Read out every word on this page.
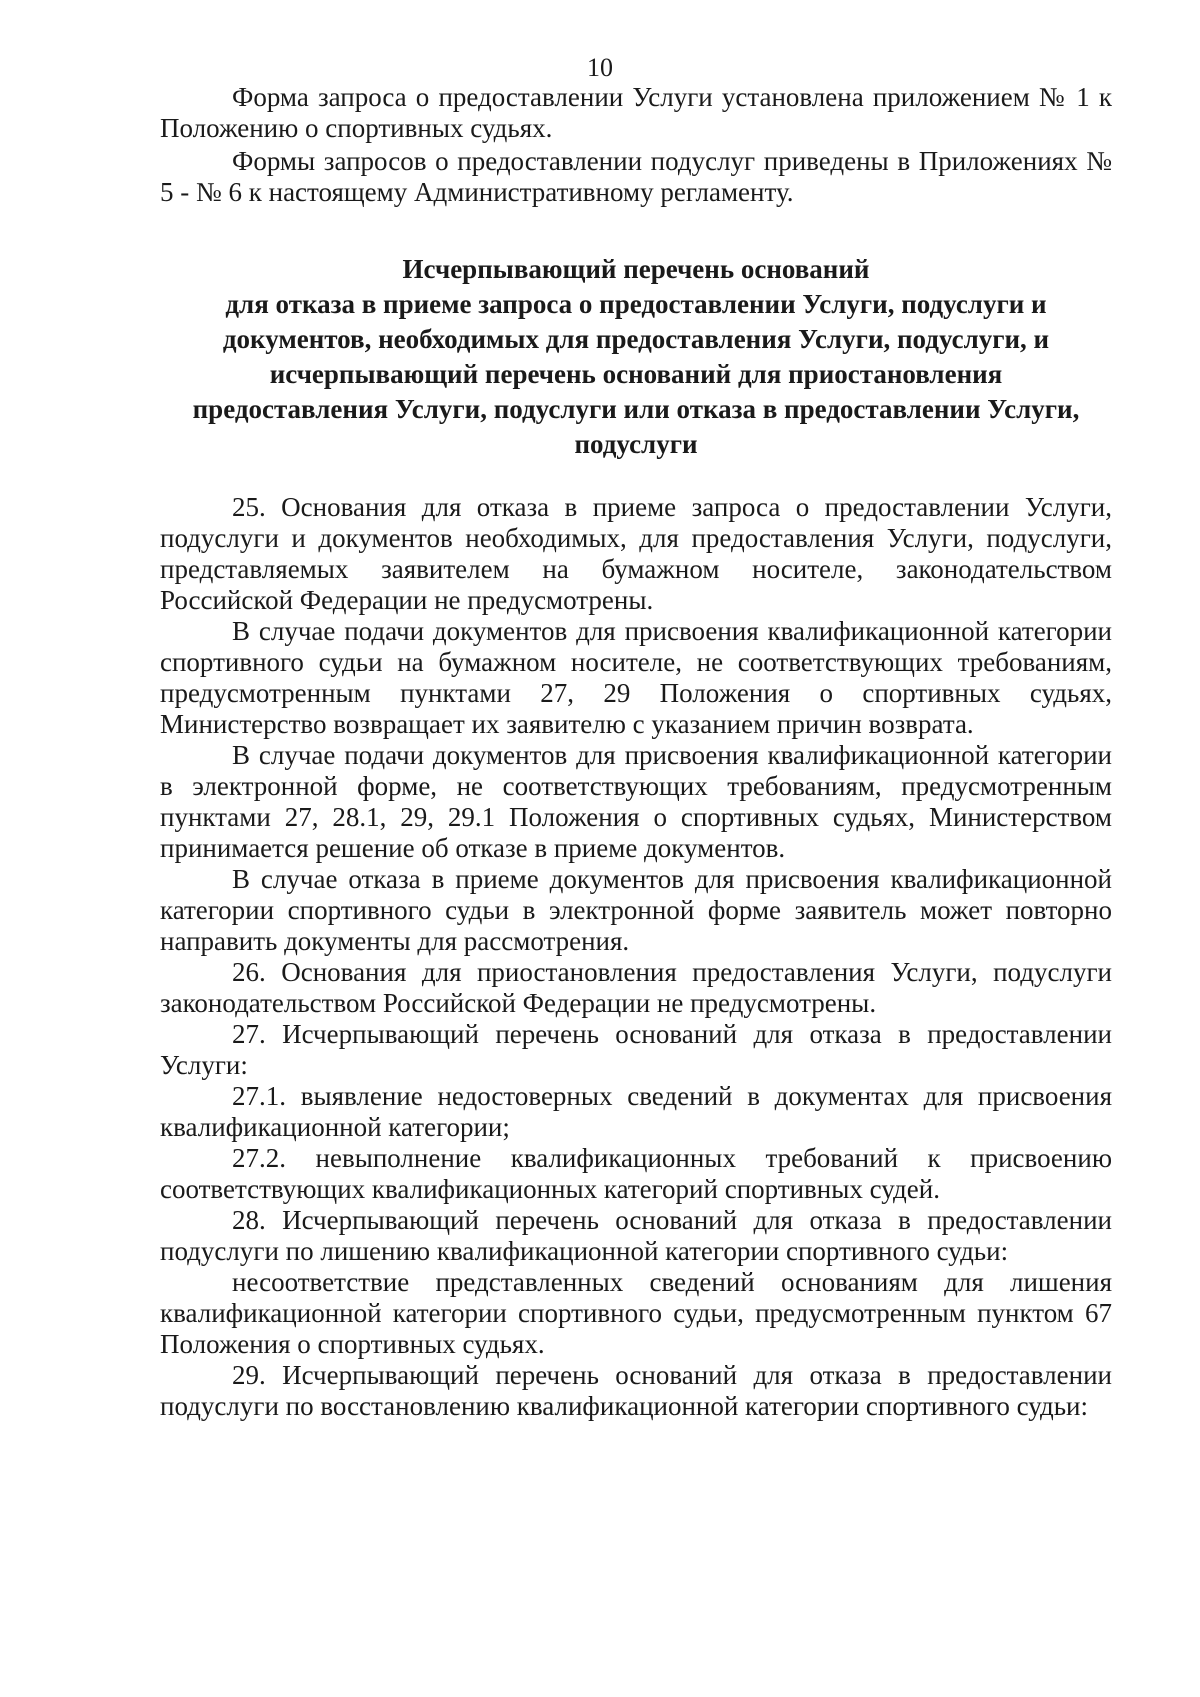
10

Форма запроса о предоставлении Услуги установлена приложением № 1 к Положению о спортивных судьях.

Формы запросов о предоставлении подуслуг приведены в Приложениях № 5 - № 6 к настоящему Административному регламенту.

Исчерпывающий перечень оснований
для отказа в приеме запроса о предоставлении Услуги, подуслуги и
документов, необходимых для предоставления Услуги, подуслуги, и
исчерпывающий перечень оснований для приостановления
предоставления Услуги, подуслуги или отказа в предоставлении Услуги,
подуслуги

25. Основания для отказа в приеме запроса о предоставлении Услуги, подуслуги и документов необходимых, для предоставления Услуги, подуслуги, представляемых заявителем на бумажном носителе, законодательством Российской Федерации не предусмотрены.

В случае подачи документов для присвоения квалификационной категории спортивного судьи на бумажном носителе, не соответствующих требованиям, предусмотренным пунктами 27, 29 Положения о спортивных судьях, Министерство возвращает их заявителю с указанием причин возврата.

В случае подачи документов для присвоения квалификационной категории в электронной форме, не соответствующих требованиям, предусмотренным пунктами 27, 28.1, 29, 29.1 Положения о спортивных судьях, Министерством принимается решение об отказе в приеме документов.

В случае отказа в приеме документов для присвоения квалификационной категории спортивного судьи в электронной форме заявитель может повторно направить документы для рассмотрения.

26. Основания для приостановления предоставления Услуги, подуслуги законодательством Российской Федерации не предусмотрены.

27. Исчерпывающий перечень оснований для отказа в предоставлении Услуги:

27.1. выявление недостоверных сведений в документах для присвоения квалификационной категории;

27.2. невыполнение квалификационных требований к присвоению соответствующих квалификационных категорий спортивных судей.

28. Исчерпывающий перечень оснований для отказа в предоставлении подуслуги по лишению квалификационной категории спортивного судьи:

несоответствие представленных сведений основаниям для лишения квалификационной категории спортивного судьи, предусмотренным пунктом 67 Положения о спортивных судьях.

29. Исчерпывающий перечень оснований для отказа в предоставлении подуслуги по восстановлению квалификационной категории спортивного судьи:
